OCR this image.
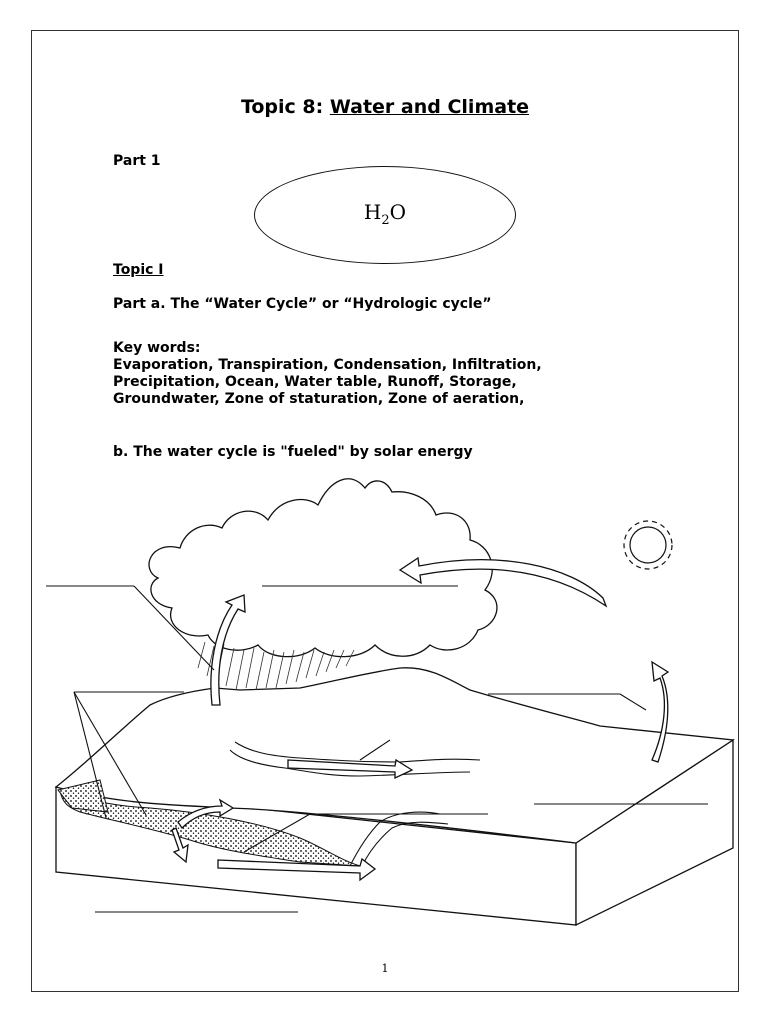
Topic 8: Water and Climate
Part 1
$H_2O$
Topic I
Part a. The “Water Cycle” or “Hydrologic cycle”
Key words:
Evaporation, Transpiration, Condensation, Infiltration,
Precipitation, Ocean, Water table, Runoff, Storage,
Groundwater, Zone of staturation, Zone of aeration,
b. The water cycle is "fueled" by solar energy
1
